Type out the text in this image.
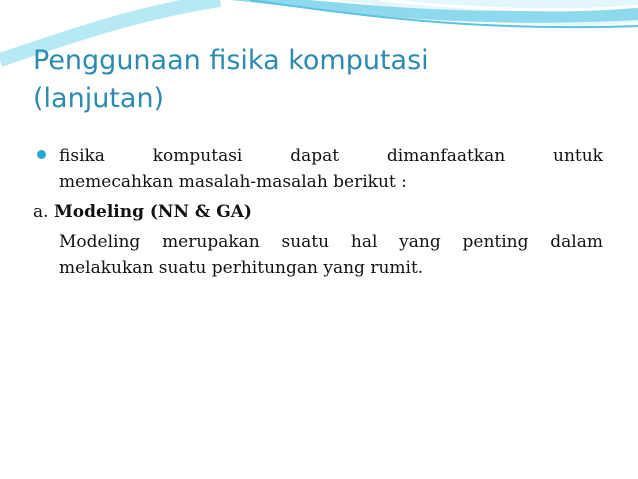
Penggunaan fisika komputasi
(lanjutan)
fisika komputasi dapat dimanfaatkan untuk
memecahkan masalah-masalah berikut :
a. Modeling (NN & GA)
Modeling merupakan suatu hal yang penting dalam
melakukan suatu perhitungan yang rumit.
